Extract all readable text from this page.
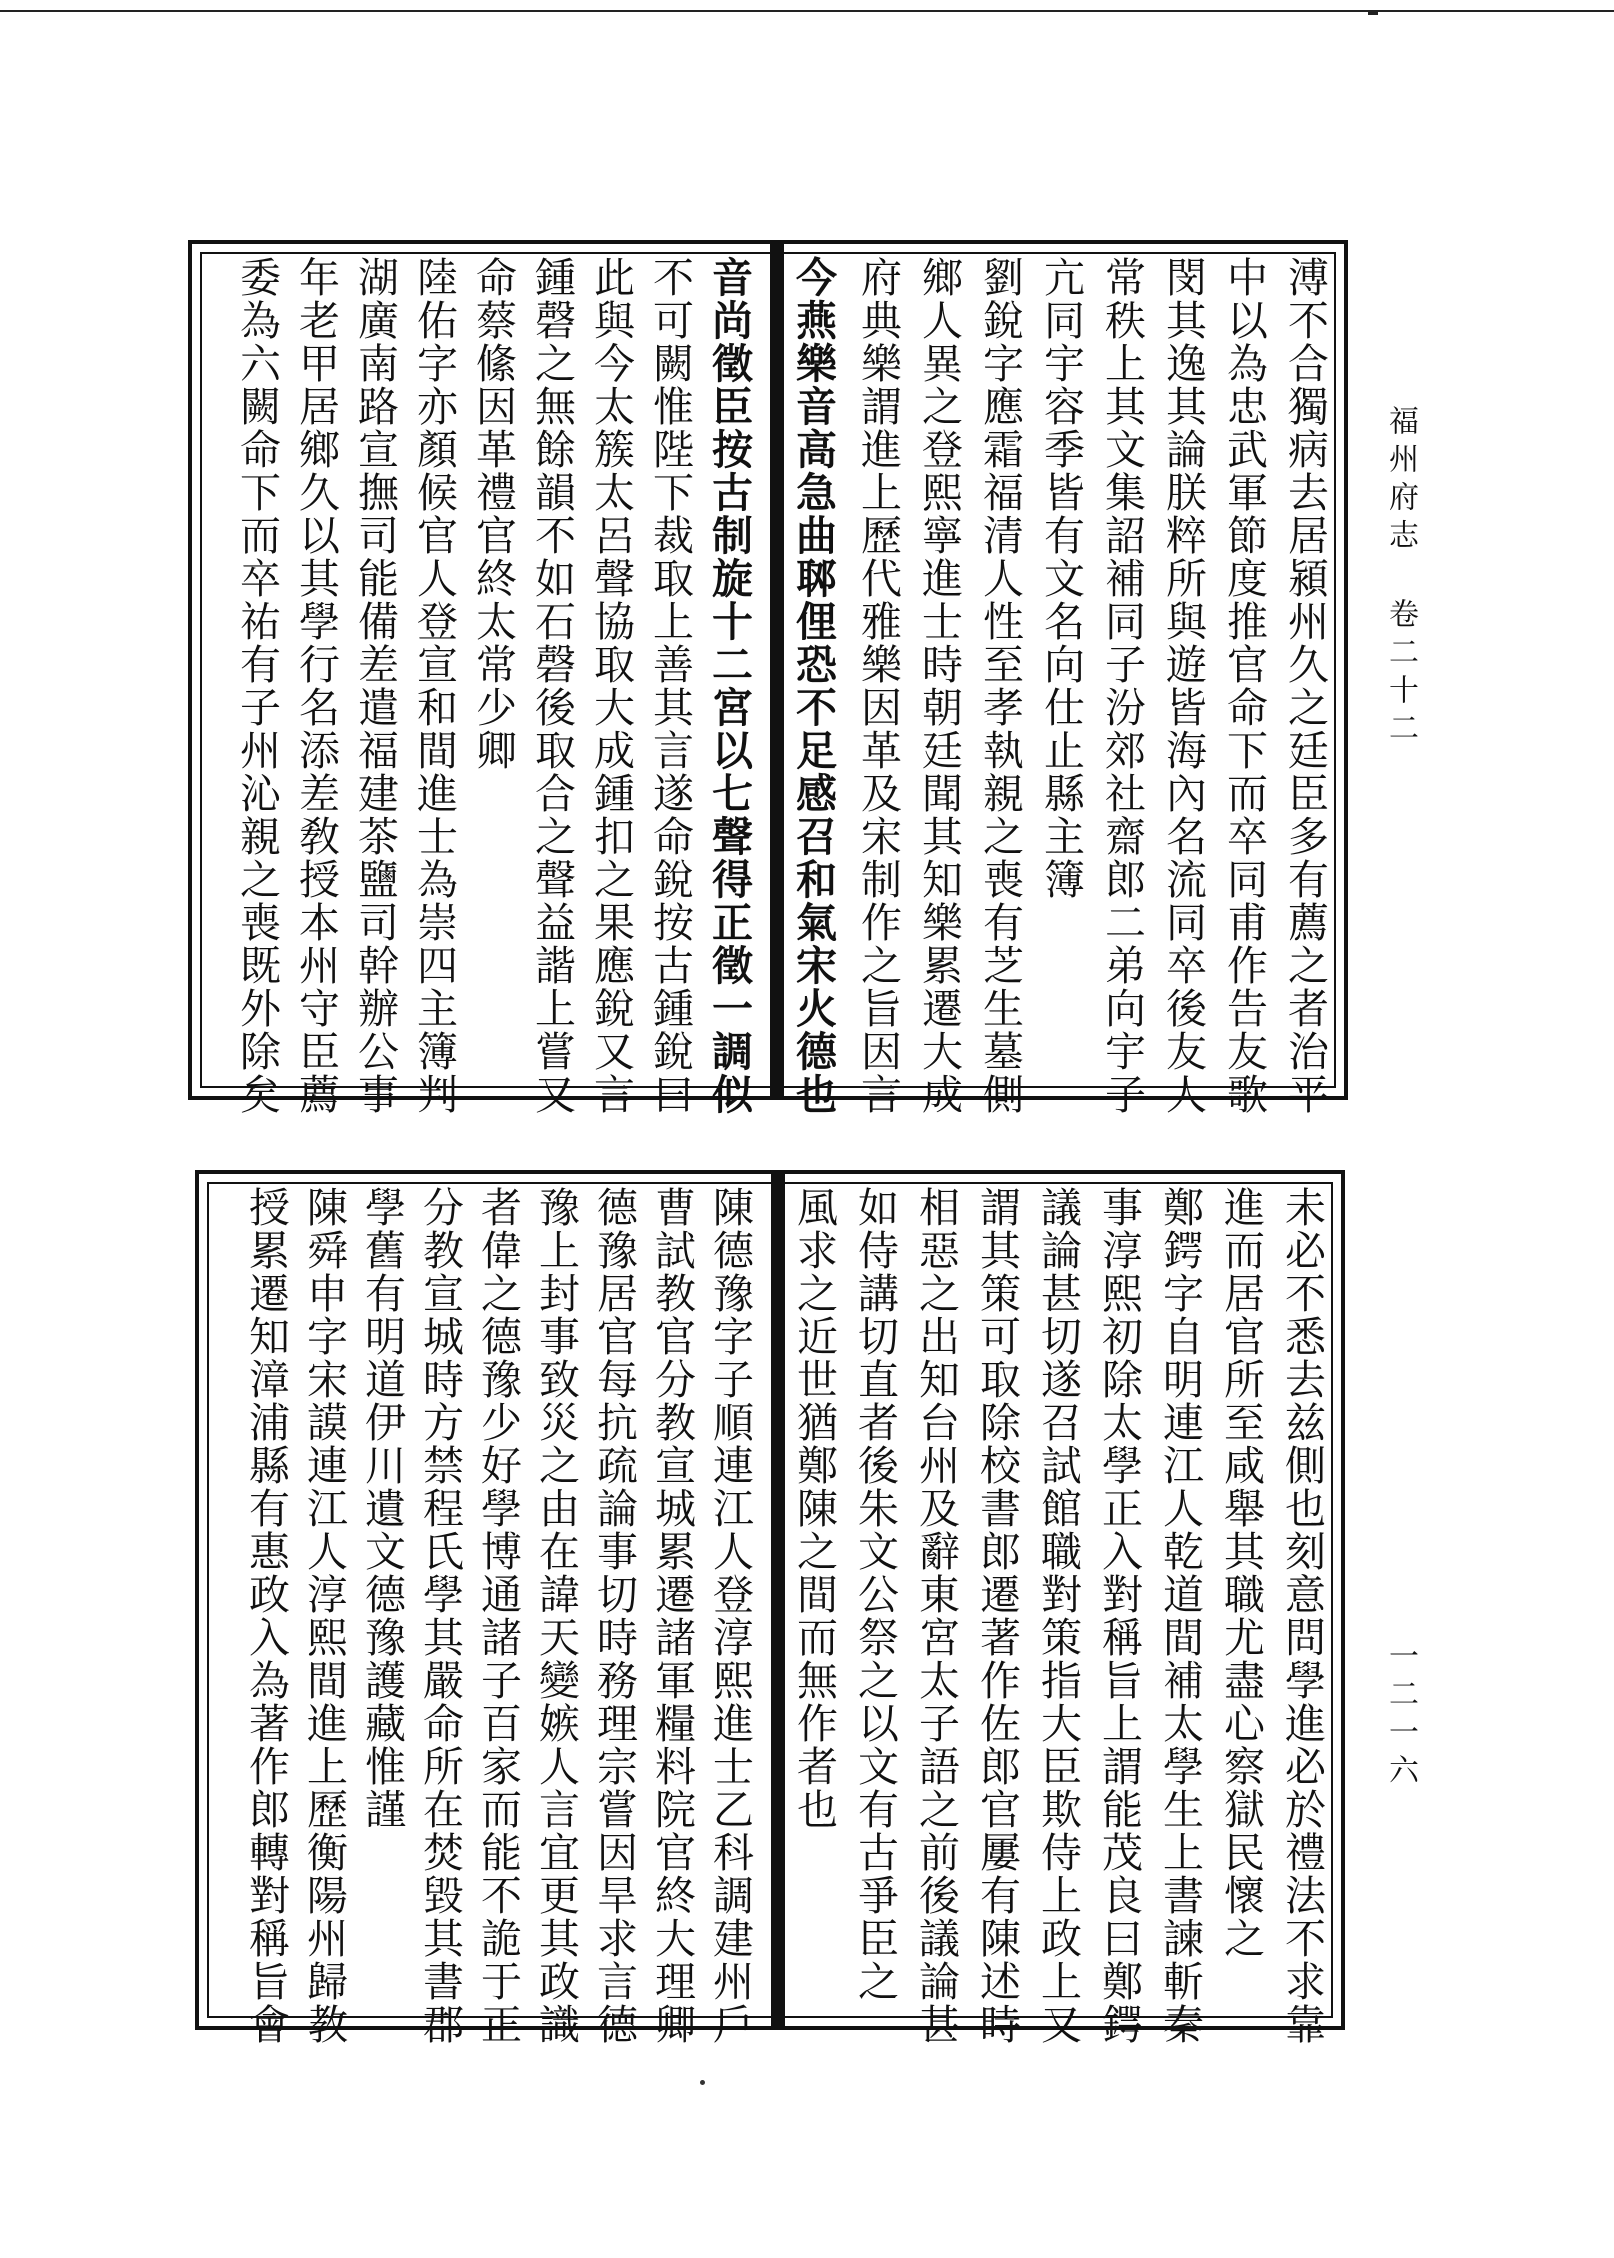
福州府志
卷二十二
一二一六
溥不合獨病去居潁州久之廷臣多有薦之者治平
中以為忠武軍節度推官命下而卒同甫作告友歌
閔其逸其論朕粹所與遊皆海內名流同卒後友人
常秩上其文集詔補同子汾郊社齋郎二弟向宇子
亢同宇容季皆有文名向仕止縣主簿
劉銳字應霜福清人性至孝執親之喪有芝生墓側
鄉人異之登熙寧進士時朝廷聞其知樂累遷大成
府典樂謂進上歷代雅樂因革及宋制作之旨因言
今燕樂音高急曲郰俚恐不足感召和氣宋火德也
音尚徵臣按古制旋十二宮以七聲得正徵一調似
不可闕惟陛下裁取上善其言遂命銳按古鍾銳曰
此與今太簇太呂聲協取大成鍾扣之果應銳又言
鍾磬之無餘韻不如石磬後取合之聲益諧上嘗又
命蔡絛因革禮官終太常少卿
陸佑字亦顏候官人登宣和間進士為崇四主簿判
湖廣南路宣撫司能備差遣福建茶鹽司幹辦公事
年老甲居鄉久以其學行名添差敎授本州守臣薦
委為六闕命下而卒祐有子州沁親之喪既外除矣
未必不悉去兹側也刻意問學進必於禮法不求靠
進而居官所至咸舉其職尤盡心察獄民懷之
鄭鍔字自明連江人乾道間補太學生上書諫斬秦
事淳熙初除太學正入對稱旨上謂能茂良曰鄭鍔
議論甚切遂召試館職對策指大臣欺侍上政上又
謂其策可取除校書郎遷著作佐郎官屢有陳述時
相惡之出知台州及辭東宮太子語之前後議論甚
如侍講切直者後朱文公祭之以文有古爭臣之
風求之近世猶鄭陳之間而無作者也
陳德豫字子順連江人登淳熙進士乙科調建州戶
曹試教官分教宣城累遷諸軍糧料院官終大理卿
德豫居官每抗疏論事切時務理宗嘗因旱求言德
豫上封事致災之由在諱天變嫉人言宜更其政識
者偉之德豫少好學博通諸子百家而能不詭于正
分教宣城時方禁程氏學其嚴命所在焚毀其書郡
學舊有明道伊川遺文德豫護藏惟謹
陳舜申字宋謨連江人淳熙間進上歷衡陽州歸教
授累遷知漳浦縣有惠政入為著作郎轉對稱旨會
